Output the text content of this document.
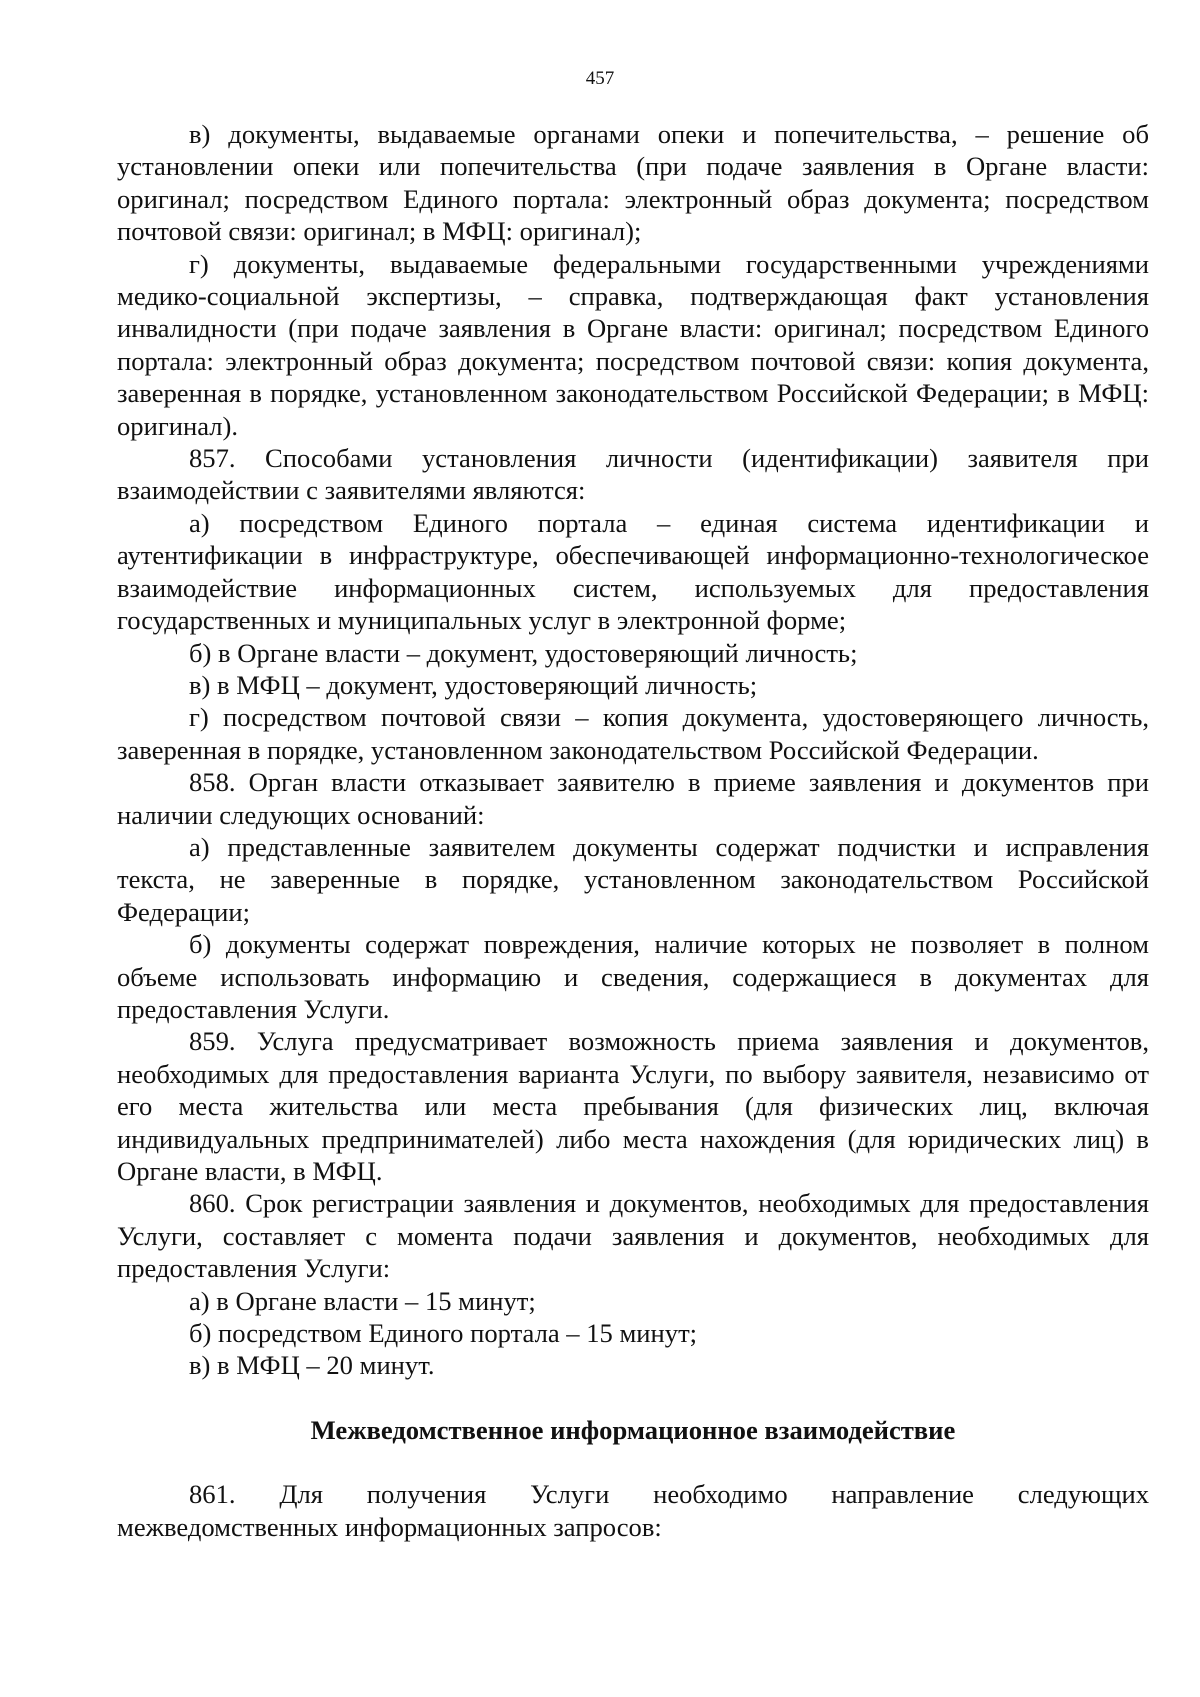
457

в) документы, выдаваемые органами опеки и попечительства, – решение об установлении опеки или попечительства (при подаче заявления в Органе власти: оригинал; посредством Единого портала: электронный образ документа; посредством почтовой связи: оригинал; в МФЦ: оригинал);

г) документы, выдаваемые федеральными государственными учреждениями медико-социальной экспертизы, – справка, подтверждающая факт установления инвалидности (при подаче заявления в Органе власти: оригинал; посредством Единого портала: электронный образ документа; посредством почтовой связи: копия документа, заверенная в порядке, установленном законодательством Российской Федерации; в МФЦ: оригинал).

857. Способами установления личности (идентификации) заявителя при взаимодействии с заявителями являются:

а) посредством Единого портала – единая система идентификации и аутентификации в инфраструктуре, обеспечивающей информационно-технологическое взаимодействие информационных систем, используемых для предоставления государственных и муниципальных услуг в электронной форме;

б) в Органе власти – документ, удостоверяющий личность;

в) в МФЦ – документ, удостоверяющий личность;

г) посредством почтовой связи – копия документа, удостоверяющего личность, заверенная в порядке, установленном законодательством Российской Федерации.

858. Орган власти отказывает заявителю в приеме заявления и документов при наличии следующих оснований:

а) представленные заявителем документы содержат подчистки и исправления текста, не заверенные в порядке, установленном законодательством Российской Федерации;

б) документы содержат повреждения, наличие которых не позволяет в полном объеме использовать информацию и сведения, содержащиеся в документах для предоставления Услуги.

859. Услуга предусматривает возможность приема заявления и документов, необходимых для предоставления варианта Услуги, по выбору заявителя, независимо от его места жительства или места пребывания (для физических лиц, включая индивидуальных предпринимателей) либо места нахождения (для юридических лиц) в Органе власти, в МФЦ.

860. Срок регистрации заявления и документов, необходимых для предоставления Услуги, составляет с момента подачи заявления и документов, необходимых для предоставления Услуги:

а) в Органе власти – 15 минут;

б) посредством Единого портала – 15 минут;

в) в МФЦ – 20 минут.

Межведомственное информационное взаимодействие

861. Для получения Услуги необходимо направление следующих межведомственных информационных запросов:
